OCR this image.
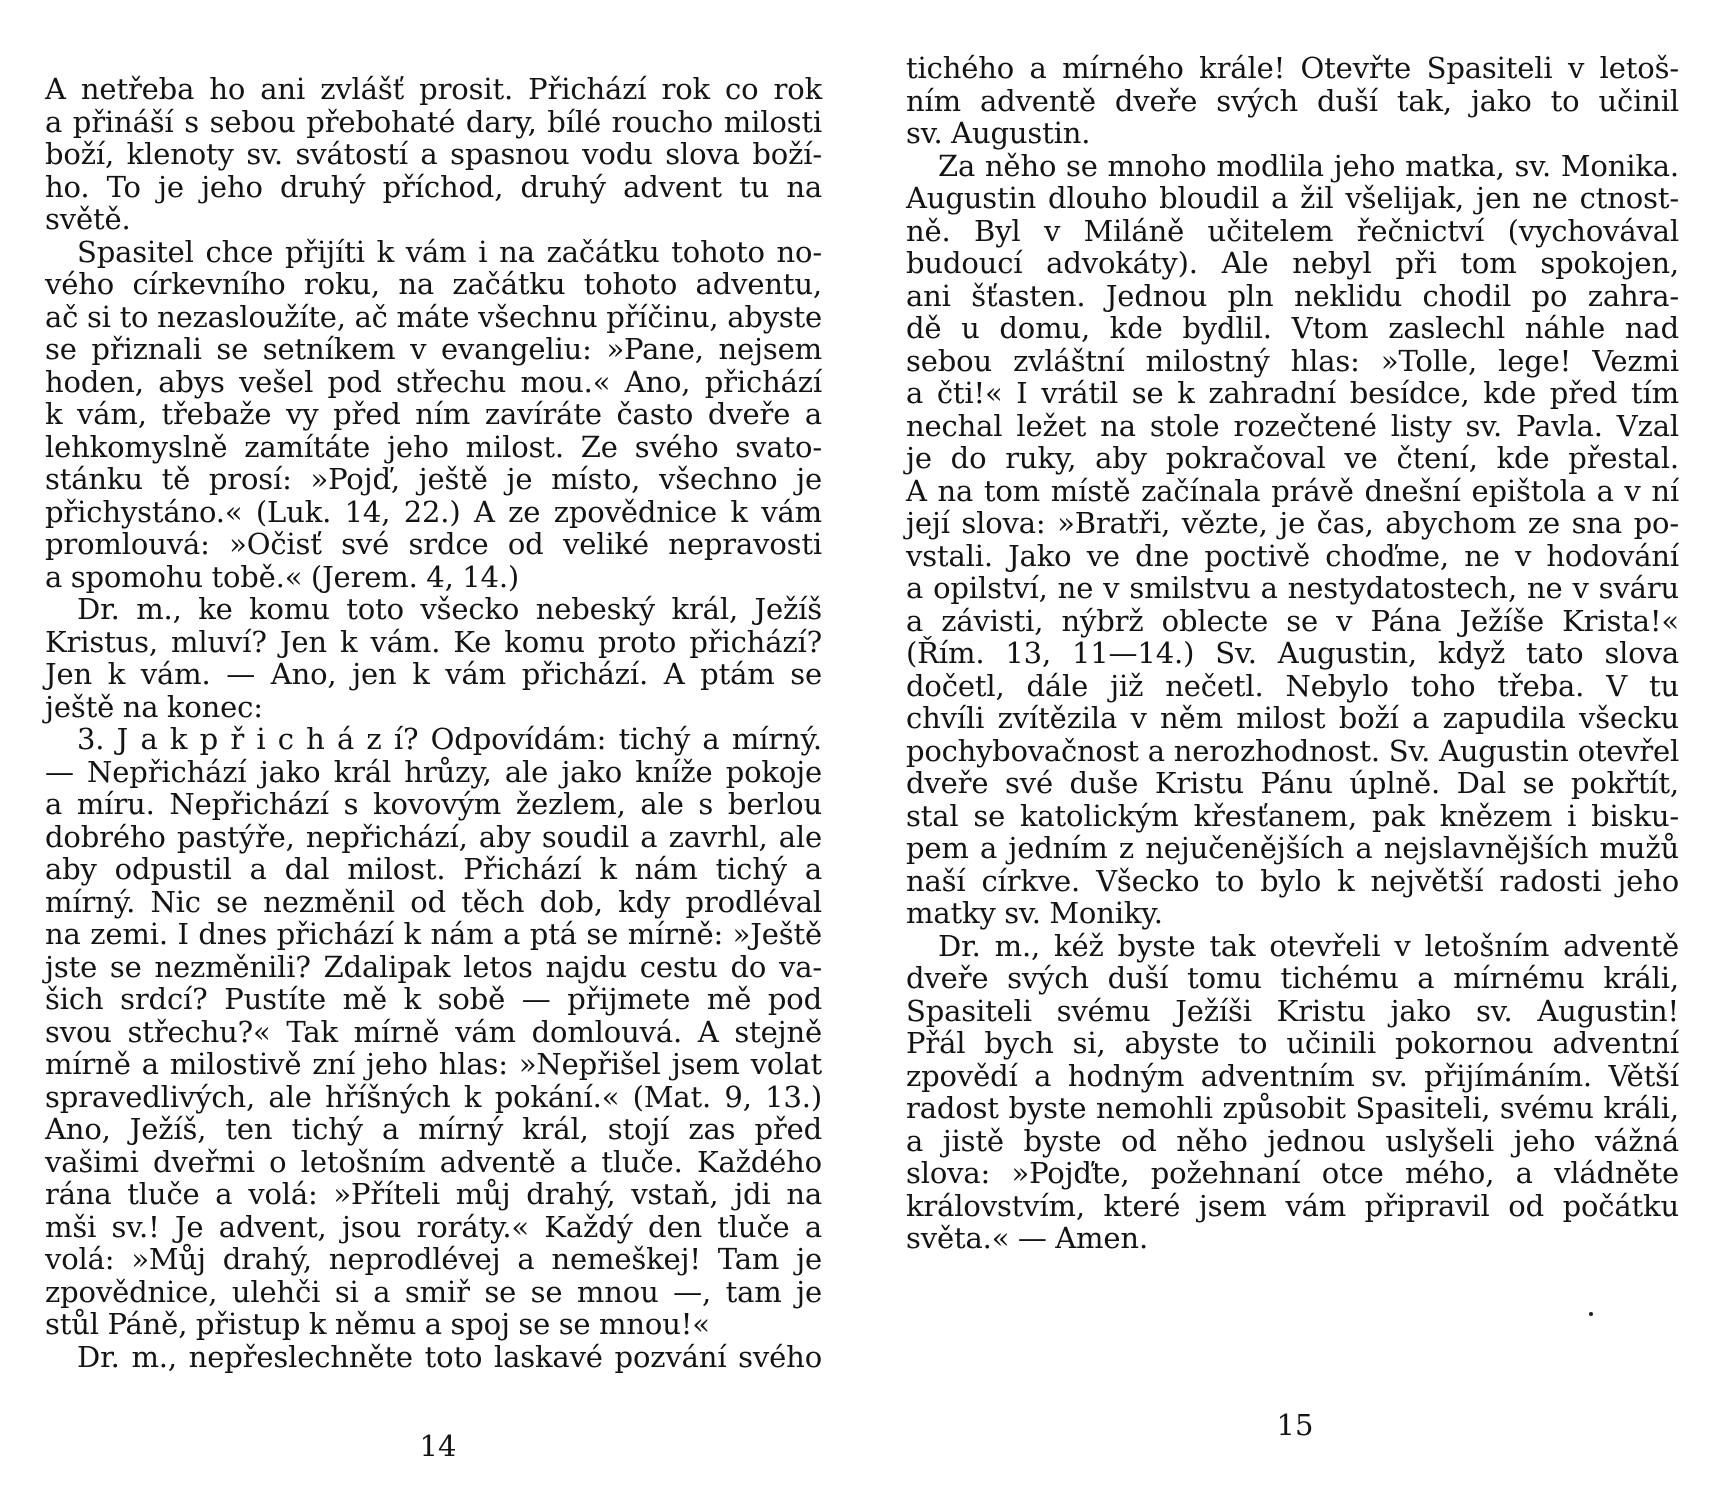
A netřeba ho ani zvlášť prosit. Přichází rok co rok
a přináší s sebou přebohaté dary, bílé roucho milosti
boží, klenoty sv. svátostí a spasnou vodu slova boží-
ho. To je jeho druhý příchod, druhý advent tu na
světě.
Spasitel chce přijíti k vám i na začátku tohoto no-
vého církevního roku, na začátku tohoto adventu,
ač si to nezasloužíte, ač máte všechnu příčinu, abyste
se přiznali se setníkem v evangeliu: »Pane, nejsem
hoden, abys vešel pod střechu mou.« Ano, přichází
k vám, třebaže vy před ním zavíráte často dveře a
lehkomyslně zamítáte jeho milost. Ze svého svato-
stánku tě prosí: »Pojď, ještě je místo, všechno je
přichystáno.« (Luk. 14, 22.) A ze zpovědnice k vám
promlouvá: »Očisť své srdce od veliké nepravosti
a spomohu tobě.« (Jerem. 4, 14.)
Dr. m., ke komu toto všecko nebeský král, Ježíš
Kristus, mluví? Jen k vám. Ke komu proto přichází?
Jen k vám. — Ano, jen k vám přichází. A ptám se
ještě na konec:
3. J a k p ř i c h á z í? Odpovídám: tichý a mírný.
— Nepřichází jako král hrůzy, ale jako kníže pokoje
a míru. Nepřichází s kovovým žezlem, ale s berlou
dobrého pastýře, nepřichází, aby soudil a zavrhl, ale
aby odpustil a dal milost. Přichází k nám tichý a
mírný. Nic se nezměnil od těch dob, kdy prodléval
na zemi. I dnes přichází k nám a ptá se mírně: »Ještě
jste se nezměnili? Zdalipak letos najdu cestu do va-
šich srdcí? Pustíte mě k sobě — přijmete mě pod
svou střechu?« Tak mírně vám domlouvá. A stejně
mírně a milostivě zní jeho hlas: »Nepřišel jsem volat
spravedlivých, ale hříšných k pokání.« (Mat. 9, 13.)
Ano, Ježíš, ten tichý a mírný král, stojí zas před
vašimi dveřmi o letošním adventě a tluče. Každého
rána tluče a volá: »Příteli můj drahý, vstaň, jdi na
mši sv.! Je advent, jsou roráty.« Každý den tluče a
volá: »Můj drahý, neprodlévej a nemeškej! Tam je
zpovědnice, ulehči si a smiř se se mnou —, tam je
stůl Páně, přistup k němu a spoj se se mnou!«
Dr. m., nepřeslechněte toto laskavé pozvání svého
14
tichého a mírného krále! Otevřte Spasiteli v letoš-
ním adventě dveře svých duší tak, jako to učinil
sv. Augustin.
Za něho se mnoho modlila jeho matka, sv. Monika.
Augustin dlouho bloudil a žil všelijak, jen ne ctnost-
ně. Byl v Miláně učitelem řečnictví (vychovával
budoucí advokáty). Ale nebyl při tom spokojen,
ani šťasten. Jednou pln neklidu chodil po zahra-
dě u domu, kde bydlil. Vtom zaslechl náhle nad
sebou zvláštní milostný hlas: »Tolle, lege! Vezmi
a čti!« I vrátil se k zahradní besídce, kde před tím
nechal ležet na stole rozečtené listy sv. Pavla. Vzal
je do ruky, aby pokračoval ve čtení, kde přestal.
A na tom místě začínala právě dnešní epištola a v ní
její slova: »Bratři, vězte, je čas, abychom ze sna po-
vstali. Jako ve dne poctivě choďme, ne v hodování
a opilství, ne v smilstvu a nestydatostech, ne v sváru
a závisti, nýbrž oblecte se v Pána Ježíše Krista!«
(Řím. 13, 11—14.) Sv. Augustin, když tato slova
dočetl, dále již nečetl. Nebylo toho třeba. V tu
chvíli zvítězila v něm milost boží a zapudila všecku
pochybovačnost a nerozhodnost. Sv. Augustin otevřel
dveře své duše Kristu Pánu úplně. Dal se pokřtít,
stal se katolickým křesťanem, pak knězem i bisku-
pem a jedním z nejučenějších a nejslavnějších mužů
naší církve. Všecko to bylo k největší radosti jeho
matky sv. Moniky.
Dr. m., kéž byste tak otevřeli v letošním adventě
dveře svých duší tomu tichému a mírnému králi,
Spasiteli svému Ježíši Kristu jako sv. Augustin!
Přál bych si, abyste to učinili pokornou adventní
zpovědí a hodným adventním sv. přijímáním. Větší
radost byste nemohli způsobit Spasiteli, svému králi,
a jistě byste od něho jednou uslyšeli jeho vážná
slova: »Pojďte, požehnaní otce mého, a vládněte
královstvím, které jsem vám připravil od počátku
světa.« — Amen.
15
